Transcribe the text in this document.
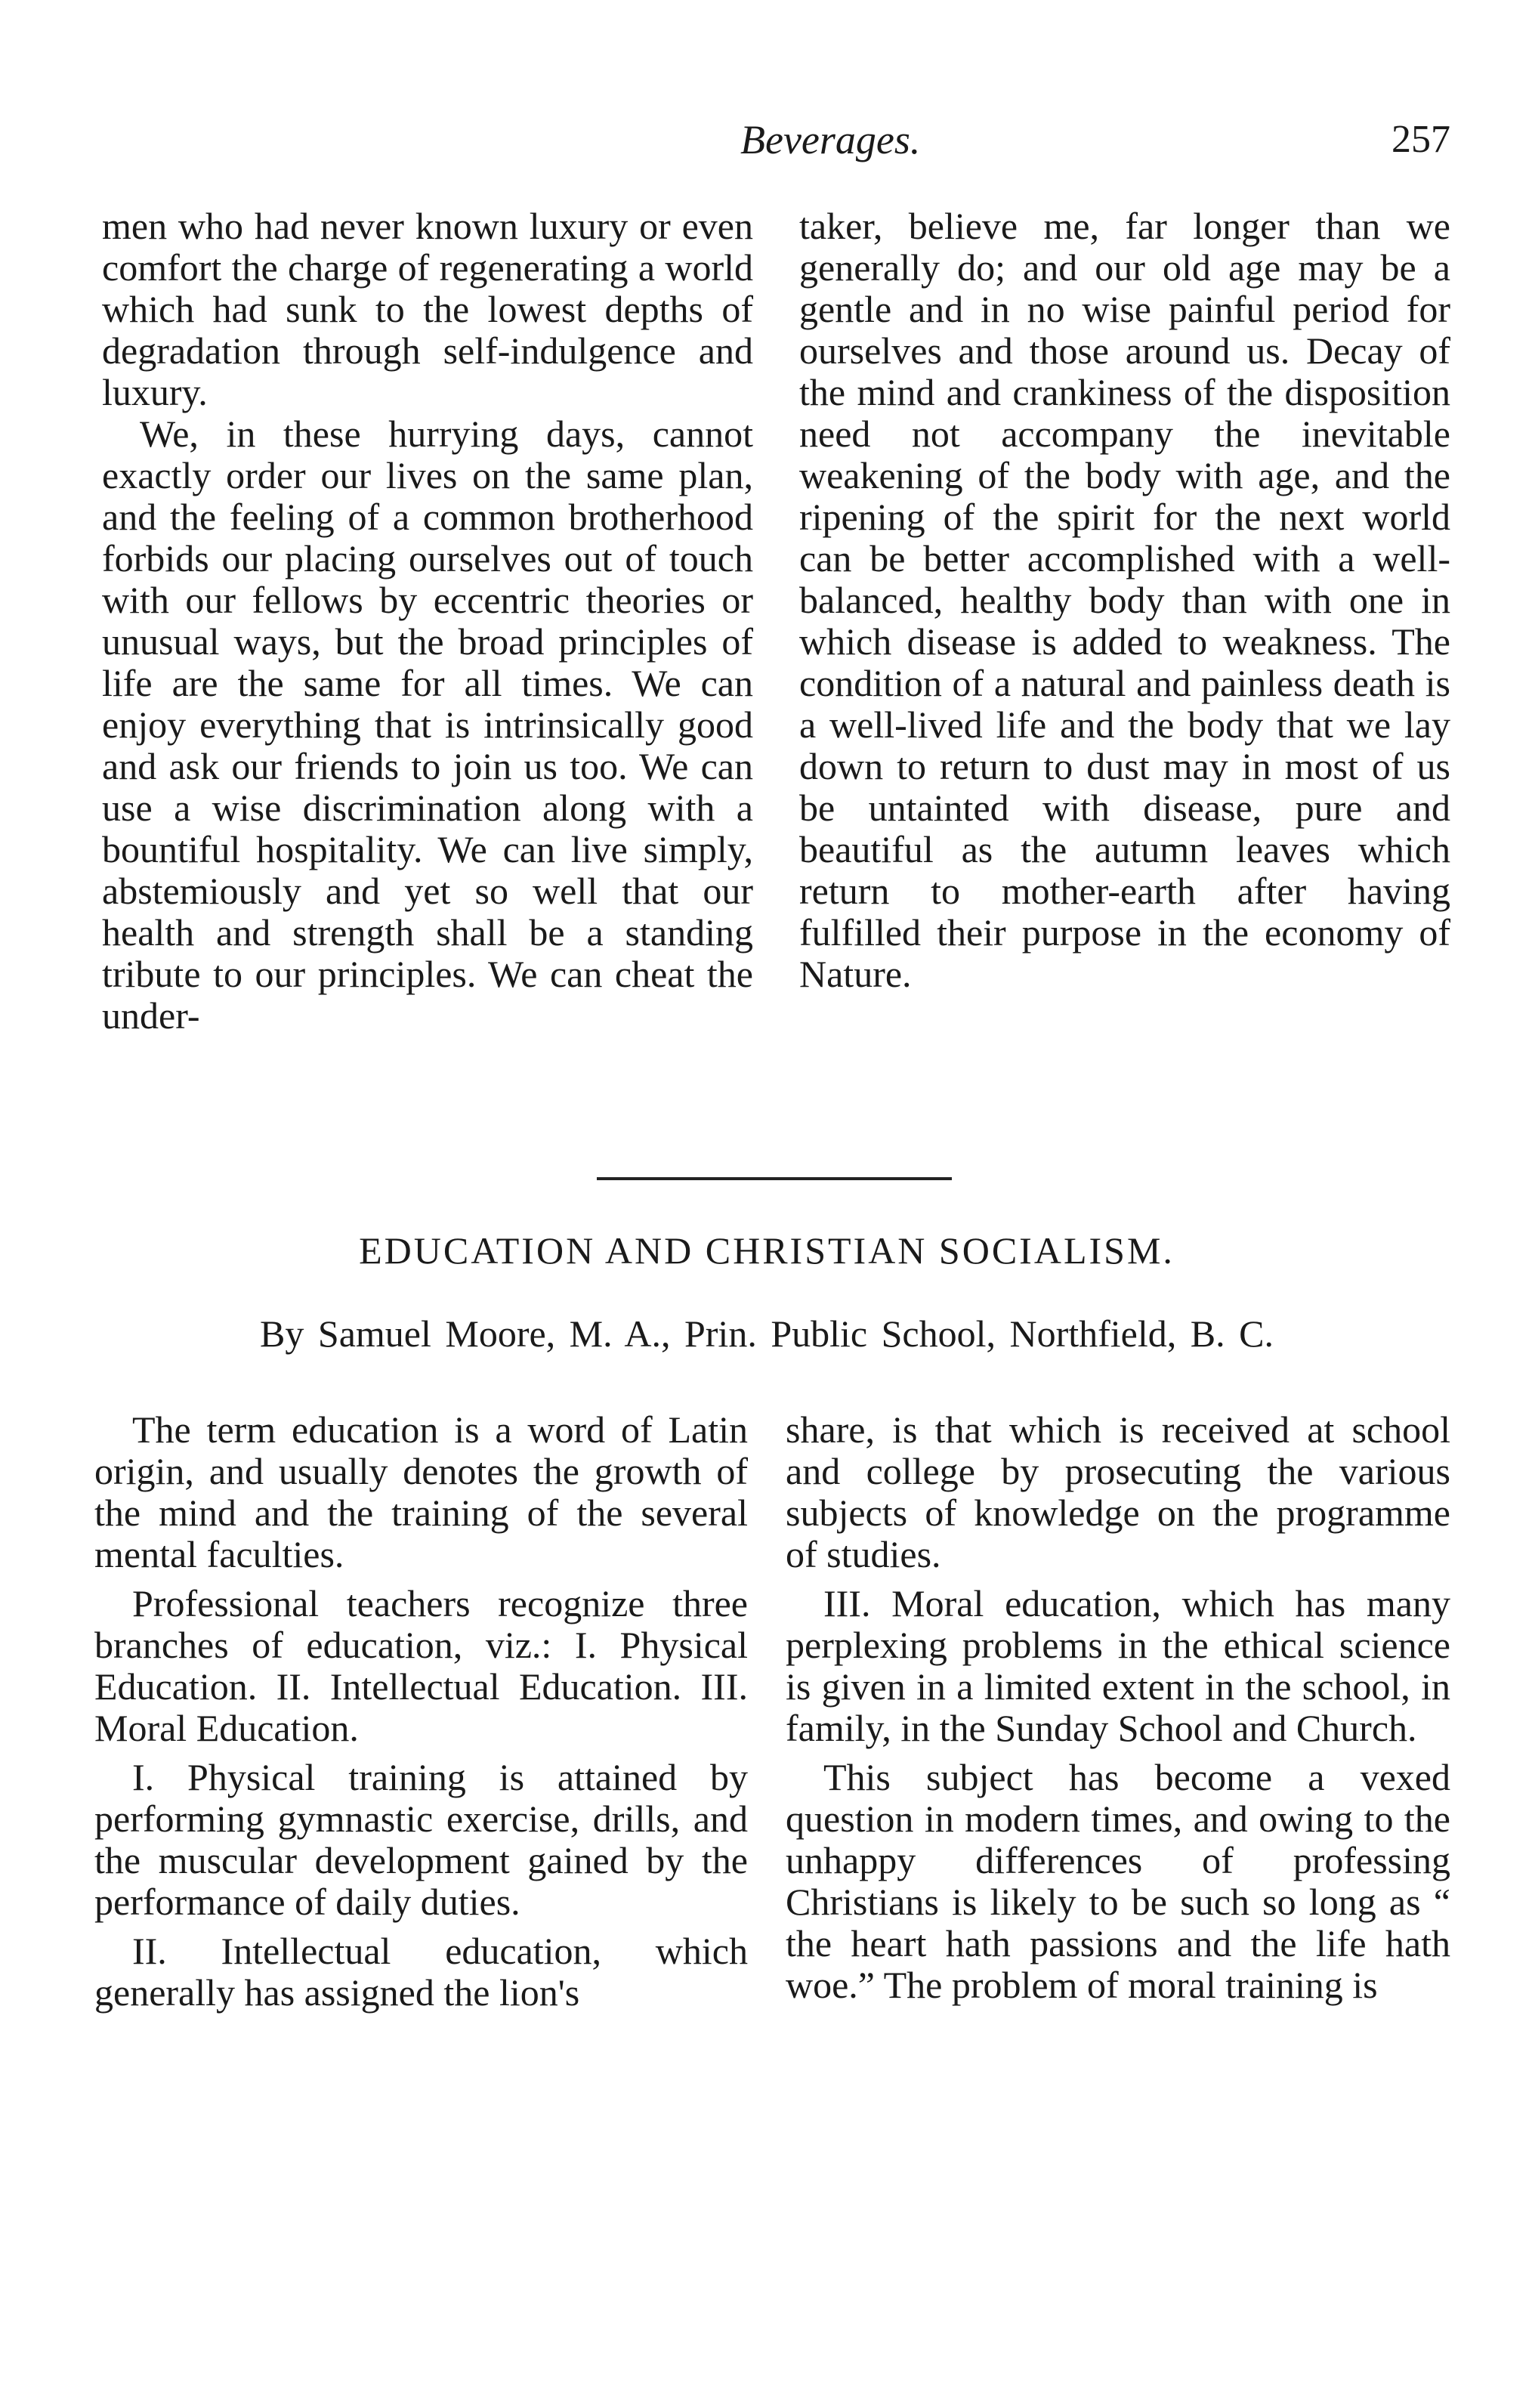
Beverages.	257

men who had never known luxury or even comfort the charge of regenerating a world which had sunk to the lowest depths of degradation through self-indulgence and luxury.

We, in these hurrying days, cannot exactly order our lives on the same plan, and the feeling of a common brotherhood forbids our placing ourselves out of touch with our fellows by eccentric theories or unusual ways, but the broad principles of life are the same for all times. We can enjoy everything that is intrinsically good and ask our friends to join us too. We can use a wise discrimination along with a bountiful hospitality. We can live simply, abstemiously and yet so well that our health and strength shall be a standing tribute to our principles. We can cheat the under-

taker, believe me, far longer than we generally do; and our old age may be a gentle and in no wise painful period for ourselves and those around us. Decay of the mind and crankiness of the disposition need not accompany the inevitable weakening of the body with age, and the ripening of the spirit for the next world can be better accomplished with a well-balanced, healthy body than with one in which disease is added to weakness. The condition of a natural and painless death is a well-lived life and the body that we lay down to return to dust may in most of us be untainted with disease, pure and beautiful as the autumn leaves which return to mother-earth after having fulfilled their purpose in the economy of Nature.

EDUCATION AND CHRISTIAN SOCIALISM.
By Samuel Moore, M. A., Prin. Public School, Northfield, B. C.

The term education is a word of Latin origin, and usually denotes the growth of the mind and the training of the several mental faculties.

Professional teachers recognize three branches of education, viz.: I. Physical Education. II. Intellectual Education. III. Moral Education.

I. Physical training is attained by performing gymnastic exercise, drills, and the muscular development gained by the performance of daily duties.

II. Intellectual education, which generally has assigned the lion's

share, is that which is received at school and college by prosecuting the various subjects of knowledge on the programme of studies.

III. Moral education, which has many perplexing problems in the ethical science is given in a limited extent in the school, in family, in the Sunday School and Church.

This subject has become a vexed question in modern times, and owing to the unhappy differences of professing Christians is likely to be such so long as “ the heart hath passions and the life hath woe.” The problem of moral training is
